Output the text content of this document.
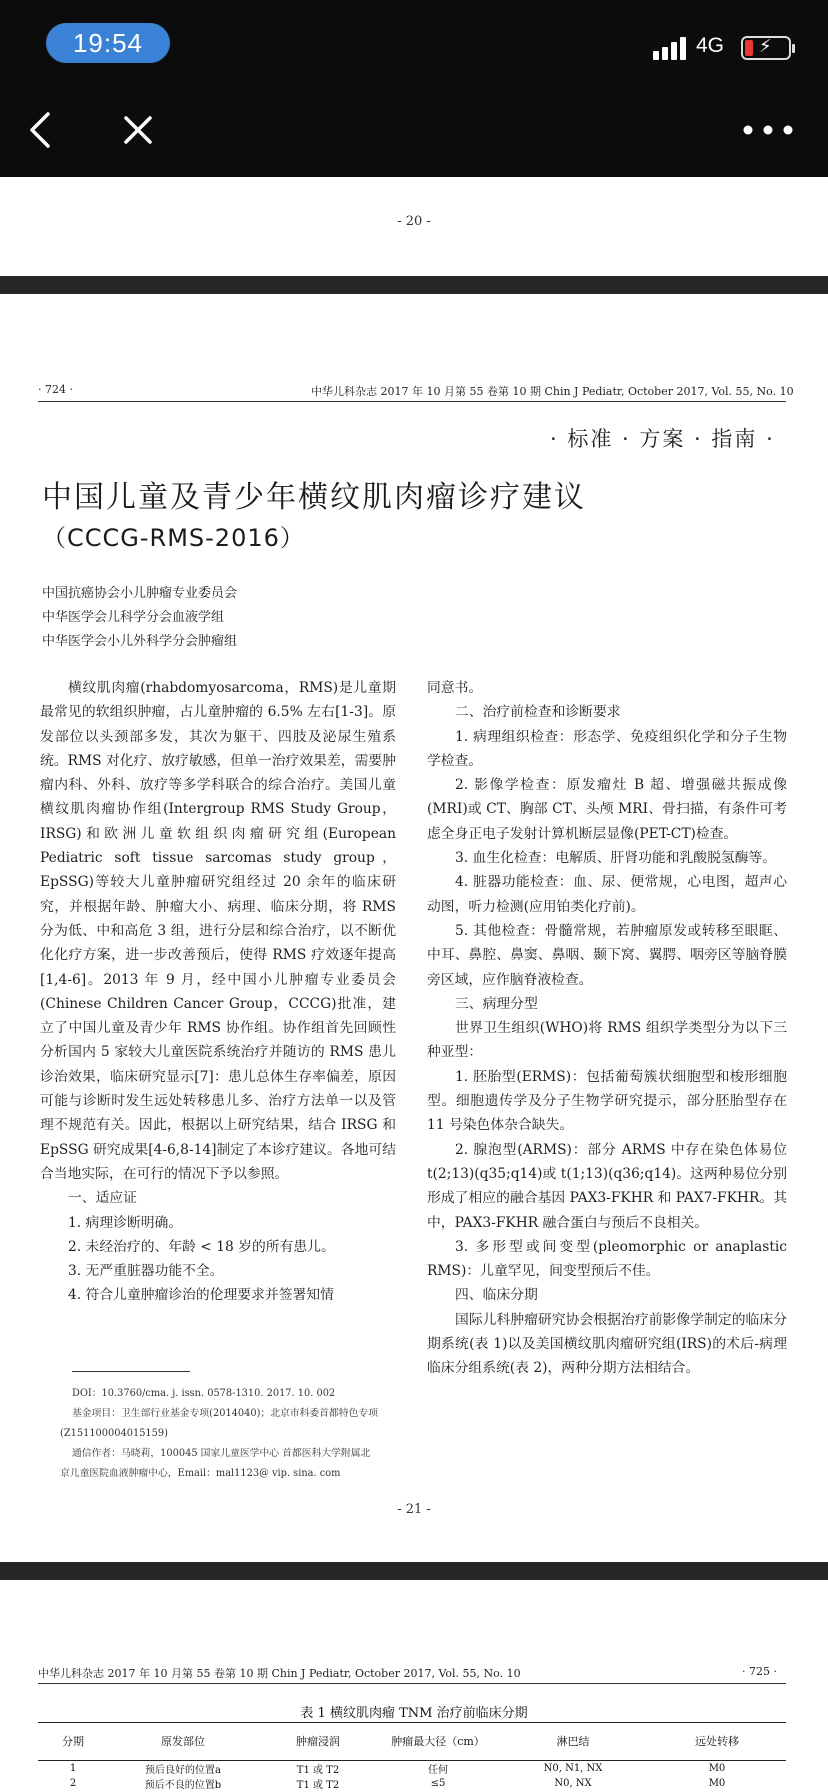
19:54	4G ⚡
- 20 -
· 724 ·	中华儿科杂志 2017 年 10 月第 55 卷第 10 期 Chin J Pediatr, October 2017, Vol. 55, No. 10
· 标准 · 方案 · 指南 ·
中国儿童及青少年横纹肌肉瘤诊疗建议
（CCCG-RMS-2016）
中国抗癌协会小儿肿瘤专业委员会
中华医学会儿科学分会血液学组
中华医学会小儿外科学分会肿瘤组

横纹肌肉瘤(rhabdomyosarcoma，RMS)是儿童期最常见的软组织肿瘤，占儿童肿瘤的 6.5% 左右[1-3]。原发部位以头颈部多发，其次为躯干、四肢及泌尿生殖系统。RMS 对化疗、放疗敏感，但单一治疗效果差，需要肿瘤内科、外科、放疗等多学科联合的综合治疗。美国儿童横纹肌肉瘤协作组(Intergroup RMS Study Group，IRSG)和欧洲儿童软组织肉瘤研究组(European Pediatric soft tissue sarcomas study group，EpSSG)等较大儿童肿瘤研究组经过 20 余年的临床研究，并根据年龄、肿瘤大小、病理、临床分期，将 RMS 分为低、中和高危 3 组，进行分层和综合治疗，以不断优化化疗方案，进一步改善预后，使得 RMS 疗效逐年提高[1,4-6]。2013 年 9 月，经中国小儿肿瘤专业委员会(Chinese Children Cancer Group，CCCG)批准，建立了中国儿童及青少年 RMS 协作组。协作组首先回顾性分析国内 5 家较大儿童医院系统治疗并随访的 RMS 患儿诊治效果，临床研究显示[7]：患儿总体生存率偏差，原因可能与诊断时发生远处转移患儿多、治疗方法单一以及管理不规范有关。因此，根据以上研究结果，结合 IRSG 和 EpSSG 研究成果[4-6,8-14]制定了本诊疗建议。各地可结合当地实际，在可行的情况下予以参照。

一、适应证

1. 病理诊断明确。

2. 未经治疗的、年龄 < 18 岁的所有患儿。

3. 无严重脏器功能不全。

4. 符合儿童肿瘤诊治的伦理要求并签署知情

DOI：10.3760/cma. j. issn. 0578-1310. 2017. 10. 002

基金项目：卫生部行业基金专项(2014040)；北京市科委首都特色专项(Z151100004015159)

通信作者：马晓莉，100045 国家儿童医学中心 首都医科大学附属北京儿童医院血液肿瘤中心，Email：mal1123@ vip. sina. com

同意书。

二、治疗前检查和诊断要求

1. 病理组织检查：形态学、免疫组织化学和分子生物学检查。

2. 影像学检查：原发瘤灶 B 超、增强磁共振成像(MRI)或 CT、胸部 CT、头颅 MRI、骨扫描，有条件可考虑全身正电子发射计算机断层显像(PET-CT)检查。

3. 血生化检查：电解质、肝肾功能和乳酸脱氢酶等。

4. 脏器功能检查：血、尿、便常规，心电图，超声心动图，听力检测(应用铂类化疗前)。

5. 其他检查：骨髓常规，若肿瘤原发或转移至眼眶、中耳、鼻腔、鼻窦、鼻咽、颞下窝、翼腭、咽旁区等脑脊膜旁区域，应作脑脊液检查。

三、病理分型

世界卫生组织(WHO)将 RMS 组织学类型分为以下三种亚型：

1. 胚胎型(ERMS)：包括葡萄簇状细胞型和梭形细胞型。细胞遗传学及分子生物学研究提示，部分胚胎型存在 11 号染色体杂合缺失。

2. 腺泡型(ARMS)：部分 ARMS 中存在染色体易位 t(2;13)(q35;q14)或 t(1;13)(q36;q14)。这两种易位分别形成了相应的融合基因 PAX3-FKHR 和 PAX7-FKHR。其中，PAX3-FKHR 融合蛋白与预后不良相关。

3. 多形型或间变型(pleomorphic or anaplastic RMS)：儿童罕见，间变型预后不佳。

四、临床分期

国际儿科肿瘤研究协会根据治疗前影像学制定的临床分期系统(表 1)以及美国横纹肌肉瘤研究组(IRS)的术后-病理临床分组系统(表 2)，两种分期方法相结合。

- 21 -
中华儿科杂志 2017 年 10 月第 55 卷第 10 期 Chin J Pediatr, October 2017, Vol. 55, No. 10	· 725 ·
表 1 横纹肌肉瘤 TNM 治疗前临床分期
分期	原发部位	肿瘤浸润	肿瘤最大径（cm）	淋巴结	远处转移
1	预后良好的位置a	T1 或 T2	任何	N0, N1, NX	M0
2	预后不良的位置b	T1 或 T2	≤5	N0, NX	M0
